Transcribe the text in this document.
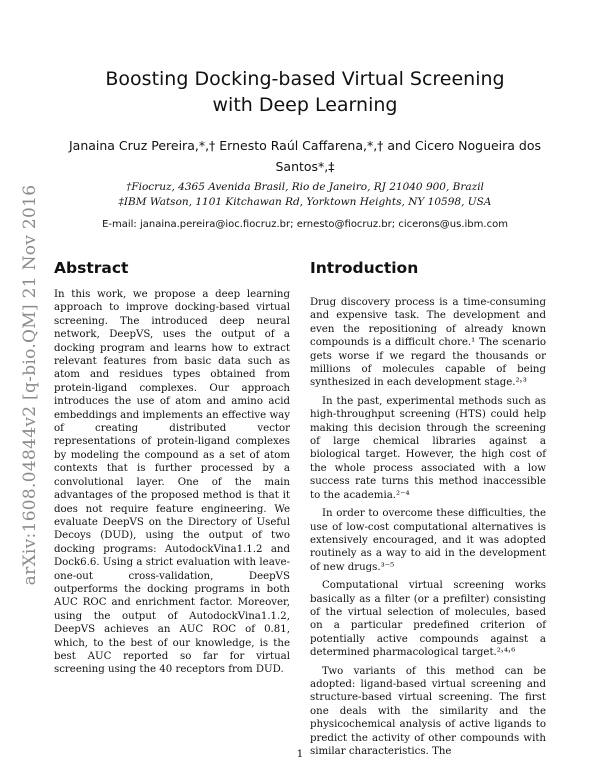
arXiv:1608.04844v2 [q-bio.QM] 21 Nov 2016
Boosting Docking-based Virtual Screening
with Deep Learning
Janaina Cruz Pereira,*,† Ernesto Raúl Caffarena,*,† and Cicero Nogueira dos
Santos*,‡
†Fiocruz, 4365 Avenida Brasil, Rio de Janeiro, RJ 21040 900, Brazil
‡IBM Watson, 1101 Kitchawan Rd, Yorktown Heights, NY 10598, USA
E-mail: janaina.pereira@ioc.fiocruz.br; ernesto@fiocruz.br; cicerons@us.ibm.com
Abstract

In this work, we propose a deep learning approach to improve docking-based virtual screening. The introduced deep neural network, DeepVS, uses the output of a docking program and learns how to extract relevant features from basic data such as atom and residues types obtained from protein-ligand complexes. Our approach introduces the use of atom and amino acid embeddings and implements an effective way of creating distributed vector representations of protein-ligand complexes by modeling the compound as a set of atom contexts that is further processed by a convolutional layer. One of the main advantages of the proposed method is that it does not require feature engineering. We evaluate DeepVS on the Directory of Useful Decoys (DUD), using the output of two docking programs: AutodockVina1.1.2 and Dock6.6. Using a strict evaluation with leave-one-out cross-validation, DeepVS outperforms the docking programs in both AUC ROC and enrichment factor. Moreover, using the output of AutodockVina1.1.2, DeepVS achieves an AUC ROC of 0.81, which, to the best of our knowledge, is the best AUC reported so far for virtual screening using the 40 receptors from DUD.

Introduction

Drug discovery process is a time-consuming and expensive task. The development and even the repositioning of already known compounds is a difficult chore.¹ The scenario gets worse if we regard the thousands or millions of molecules capable of being synthesized in each development stage.²˒³

In the past, experimental methods such as high-throughput screening (HTS) could help making this decision through the screening of large chemical libraries against a biological target. However, the high cost of the whole process associated with a low success rate turns this method inaccessible to the academia.²⁻⁴

In order to overcome these difficulties, the use of low-cost computational alternatives is extensively encouraged, and it was adopted routinely as a way to aid in the development of new drugs.³⁻⁵

Computational virtual screening works basically as a filter (or a prefilter) consisting of the virtual selection of molecules, based on a particular predefined criterion of potentially active compounds against a determined pharmacological target.²˒⁴˒⁶

Two variants of this method can be adopted: ligand-based virtual screening and structure-based virtual screening. The first one deals with the similarity and the physicochemical analysis of active ligands to predict the activity of other compounds with similar characteristics. The

1
